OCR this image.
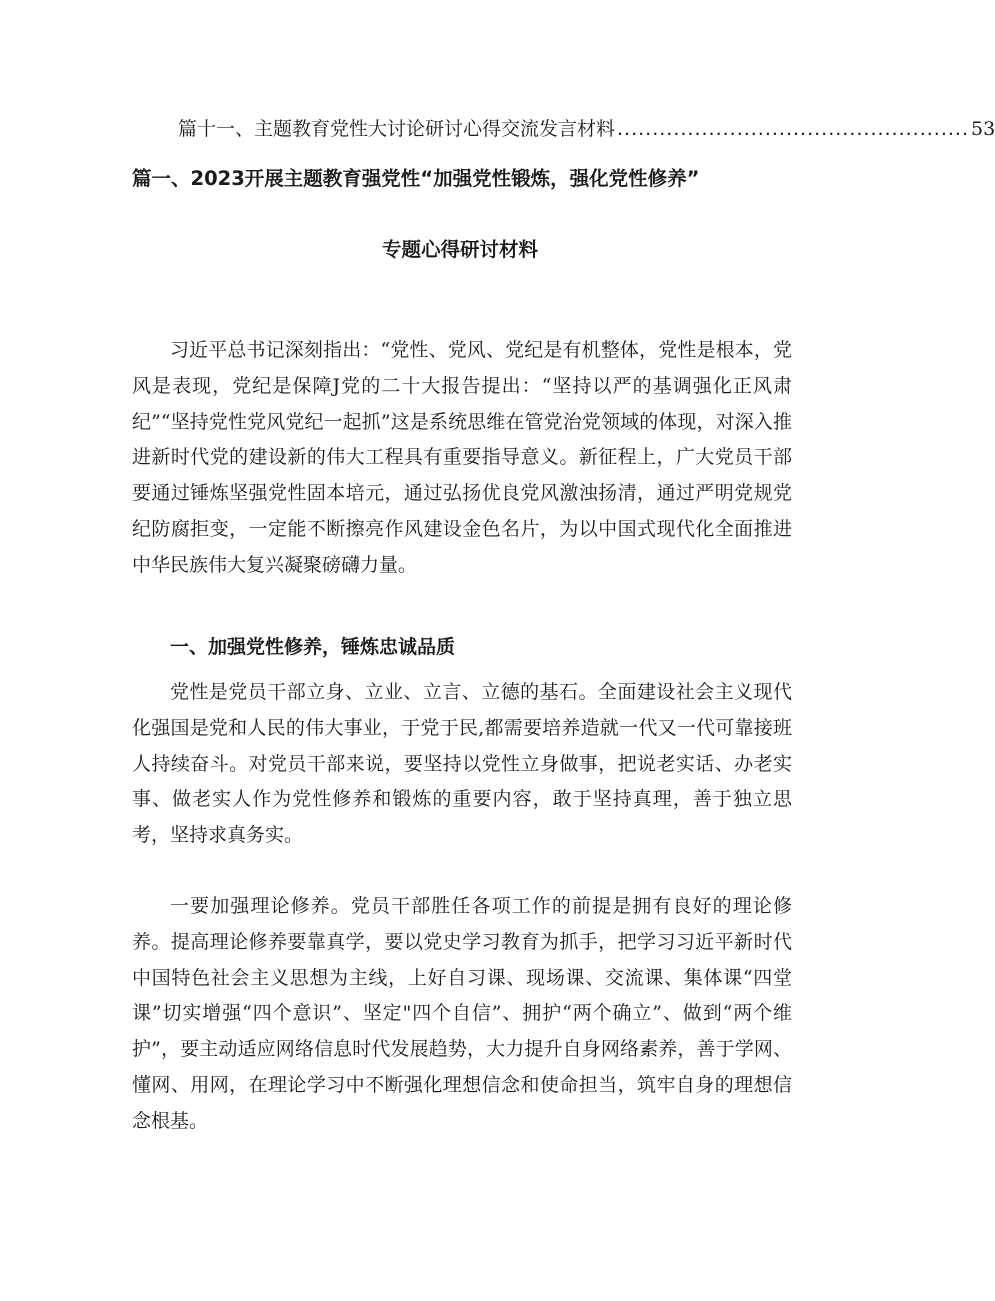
篇十一、主题教育党性大讨论研讨心得交流发言材料 .................................................. 53
篇一、2023开展主题教育强党性“加强党性锻炼，强化党性修养”
专题心得研讨材料

习近平总书记深刻指出：“党性、党风、党纪是有机整体，党性是根本，党风是表现，党纪是保障J党的二十大报告提出：“坚持以严的基调强化正风肃纪”“坚持党性党风党纪一起抓”这是系统思维在管党治党领域的体现，对深入推进新时代党的建设新的伟大工程具有重要指导意义。新征程上，广大党员干部要通过锤炼坚强党性固本培元，通过弘扬优良党风激浊扬清，通过严明党规党纪防腐拒变，一定能不断擦亮作风建设金色名片，为以中国式现代化全面推进中华民族伟大复兴凝聚磅礴力量。

一、加强党性修养，锤炼忠诚品质

党性是党员干部立身、立业、立言、立德的基石。全面建设社会主义现代化强国是党和人民的伟大事业，于党于民,都需要培养造就一代又一代可靠接班人持续奋斗。对党员干部来说，要坚持以党性立身做事，把说老实话、办老实事、做老实人作为党性修养和锻炼的重要内容，敢于坚持真理，善于独立思考，坚持求真务实。

一要加强理论修养。党员干部胜任各项工作的前提是拥有良好的理论修养。提高理论修养要靠真学，要以党史学习教育为抓手，把学习习近平新时代中国特色社会主义思想为主线，上好自习课、现场课、交流课、集体课“四堂课”切实增强“四个意识”、坚定"四个自信”、拥护“两个确立”、做到“两个维护”，要主动适应网络信息时代发展趋势，大力提升自身网络素养，善于学网、懂网、用网，在理论学习中不断强化理想信念和使命担当，筑牢自身的理想信念根基。
